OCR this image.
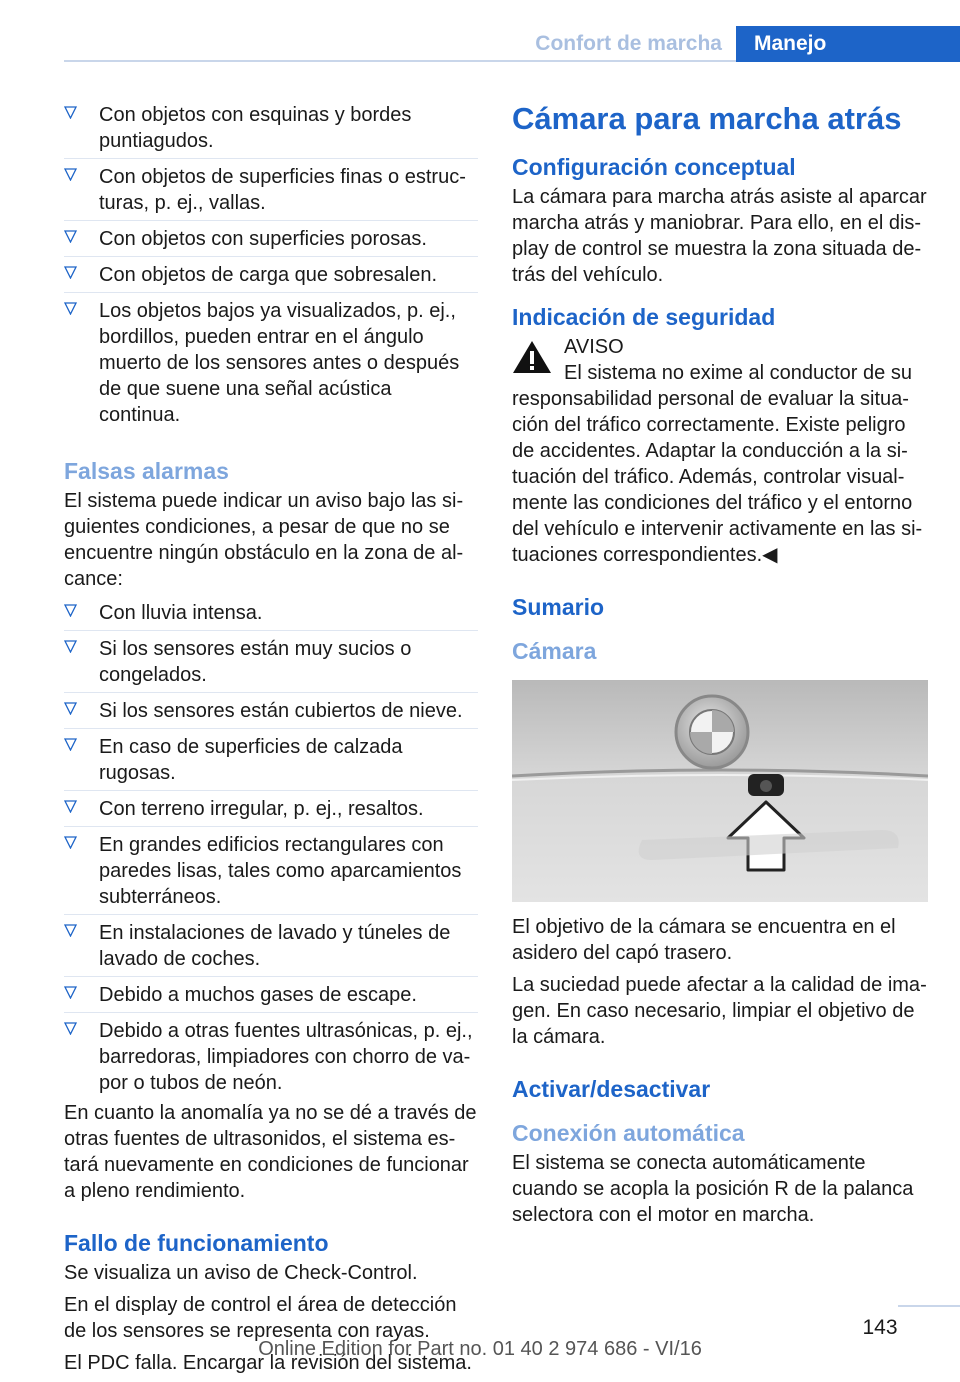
Confort de marcha	Manejo
Con objetos con esquinas y bordes puntiagudos.
Con objetos de superficies finas o estructuras, p. ej., vallas.
Con objetos con superficies porosas.
Con objetos de carga que sobresalen.
Los objetos bajos ya visualizados, p. ej., bordillos, pueden entrar en el ángulo muerto de los sensores antes o después de que suene una señal acústica continua.
Falsas alarmas

El sistema puede indicar un aviso bajo las siguientes condiciones, a pesar de que no se encuentre ningún obstáculo en la zona de alcance:

Con lluvia intensa.
Si los sensores están muy sucios o congelados.
Si los sensores están cubiertos de nieve.
En caso de superficies de calzada rugosas.
Con terreno irregular, p. ej., resaltos.
En grandes edificios rectangulares con paredes lisas, tales como aparcamientos subterráneos.
En instalaciones de lavado y túneles de lavado de coches.
Debido a muchos gases de escape.
Debido a otras fuentes ultrasónicas, p. ej., barredoras, limpiadores con chorro de vapor o tubos de neón.

En cuanto la anomalía ya no se dé a través de otras fuentes de ultrasonidos, el sistema estará nuevamente en condiciones de funcionar a pleno rendimiento.

Fallo de funcionamiento

Se visualiza un aviso de Check-Control.

En el display de control el área de detección de los sensores se representa con rayas.

El PDC falla. Encargar la revisión del sistema.

Cámara para marcha atrás
Configuración conceptual

La cámara para marcha atrás asiste al aparcar marcha atrás y maniobrar. Para ello, en el display de control se muestra la zona situada detrás del vehículo.

Indicación de seguridad
AVISO
El sistema no exime al conductor de su

responsabilidad personal de evaluar la situación del tráfico correctamente. Existe peligro de accidentes. Adaptar la conducción a la situación del tráfico. Además, controlar visualmente las condiciones del tráfico y el entorno del vehículo e intervenir activamente en las situaciones correspondientes.◀

Sumario
Cámara

El objetivo de la cámara se encuentra en el asidero del capó trasero.

La suciedad puede afectar a la calidad de imagen. En caso necesario, limpiar el objetivo de la cámara.

Activar/desactivar
Conexión automática

El sistema se conecta automáticamente cuando se acopla la posición R de la palanca selectora con el motor en marcha.

143
Online Edition for Part no. 01 40 2 974 686 - VI/16
